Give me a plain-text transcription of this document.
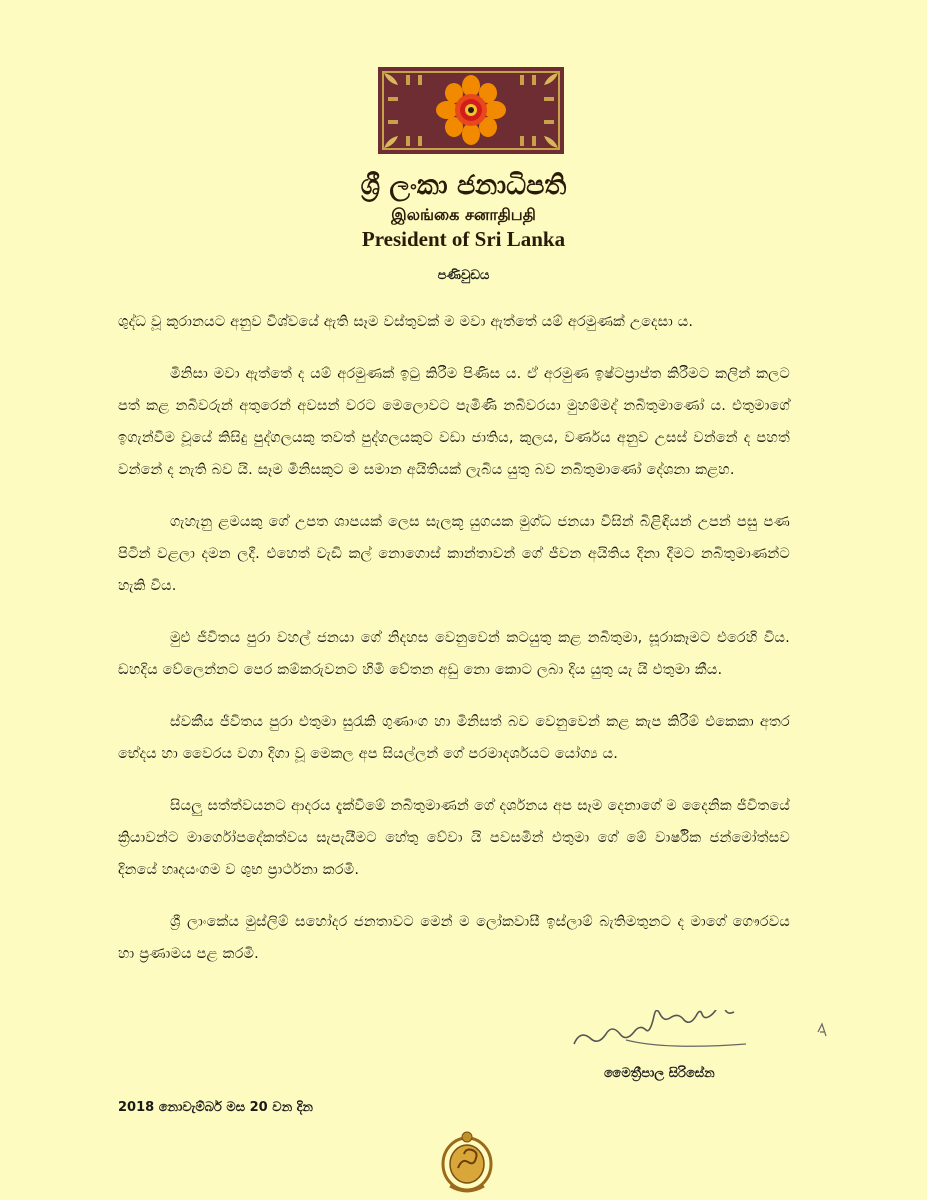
ශ්‍රී ලංකා ජනාධිපති
இலங்கை சனாதிபதி
President of Sri Lanka
පණිවුඩය

ශුද්ධ වූ කුරානයට අනුව විශ්වයේ ඇති සෑම වස්තුවක් ම මවා ඇත්තේ යම් අරමුණක් උදෙසා ය.

මිනිසා මවා ඇත්තේ ද යම් අරමුණක් ඉටු කිරීම පිණිස ය. ඒ අරමුණ ඉෂ්ටප්‍රාප්ත කිරීමට කලින් කලට පත් කළ නබිවරුන් අතුරෙන් අවසන් වරට මෙලොවට පැමිණි නබිවරයා මුහම්මද් නබිතුමාණෝ ය. එතුමාගේ ඉගැන්වීම වූයේ කිසිදු පුද්ගලයකු තවත් පුද්ගලයකුට වඩා ජාතිය, කුලය, වර්ණය අනුව උසස් වන්නේ ද පහත් වන්නේ ද නැති බව යි. සෑම මිනිසකුට ම සමාන අයිතියක් ලැබිය යුතු බව නබිතුමාණෝ දේශනා කළහ.

ගැහැනු ළමයකු ගේ උපත ශාපයක් ලෙස සැලකූ යුගයක මුග්ධ ජනයා විසින් බිළිඳියන් උපන් පසු පණ පිටින් වළලා දමන ලදී. එහෙත් වැඩි කල් නොගොස් කාන්තාවන් ගේ ජීවන අයිතිය දිනා දීමට නබිතුමාණන්ට හැකි විය.

මුළු ජීවිතය පුරා වහල් ජනයා ගේ නිදහස වෙනුවෙන් කටයුතු කළ නබිතුමා, සූරාකෑමට එරෙහි විය. ඩහදිය වේලෙන්නට පෙර කම්කරුවනට හිමි වේතන අඩු නො කොට ලබා දිය යුතු යැ යි එතුමා කීය.

ස්වකීය ජීවිතය පුරා එතුමා සුරැකි ගුණාංග හා මිනිසත් බව වෙනුවෙන් කළ කැප කිරීම් එකෙකා අතර භේදය හා වෛරය වගා දිගා වූ මෙකල අප සියල්ලන් ගේ පරමාදර්ශයට යෝග්‍ය ය.

සියලු සත්ත්වයනට ආදරය දැක්වීමේ නබිතුමාණන් ගේ දර්ශනය අප සෑම දෙනාගේ ම දෛනික ජීවිතයේ ක්‍රියාවන්ට මාර්ගෝපදේකත්වය සැපැයීමට හේතු වේවා යි පවසමින් එතුමා ගේ මේ වාර්ෂික ජන්මෝත්සව දිනයේ හෘදයංගම ව ශුභ ප්‍රාර්ථනා කරමි.

ශ්‍රී ලාංකේය මුස්ලිම් සහෝදර ජනතාවට මෙන් ම ලෝකවාසී ඉස්ලාම් බැතිමතුනට ද මාගේ ගෞරවය හා ප්‍රණාමය පළ කරමි.

මෛත්‍රීපාල සිරිසේන
2018 නොවැම්බර් මස 20 වන දින
